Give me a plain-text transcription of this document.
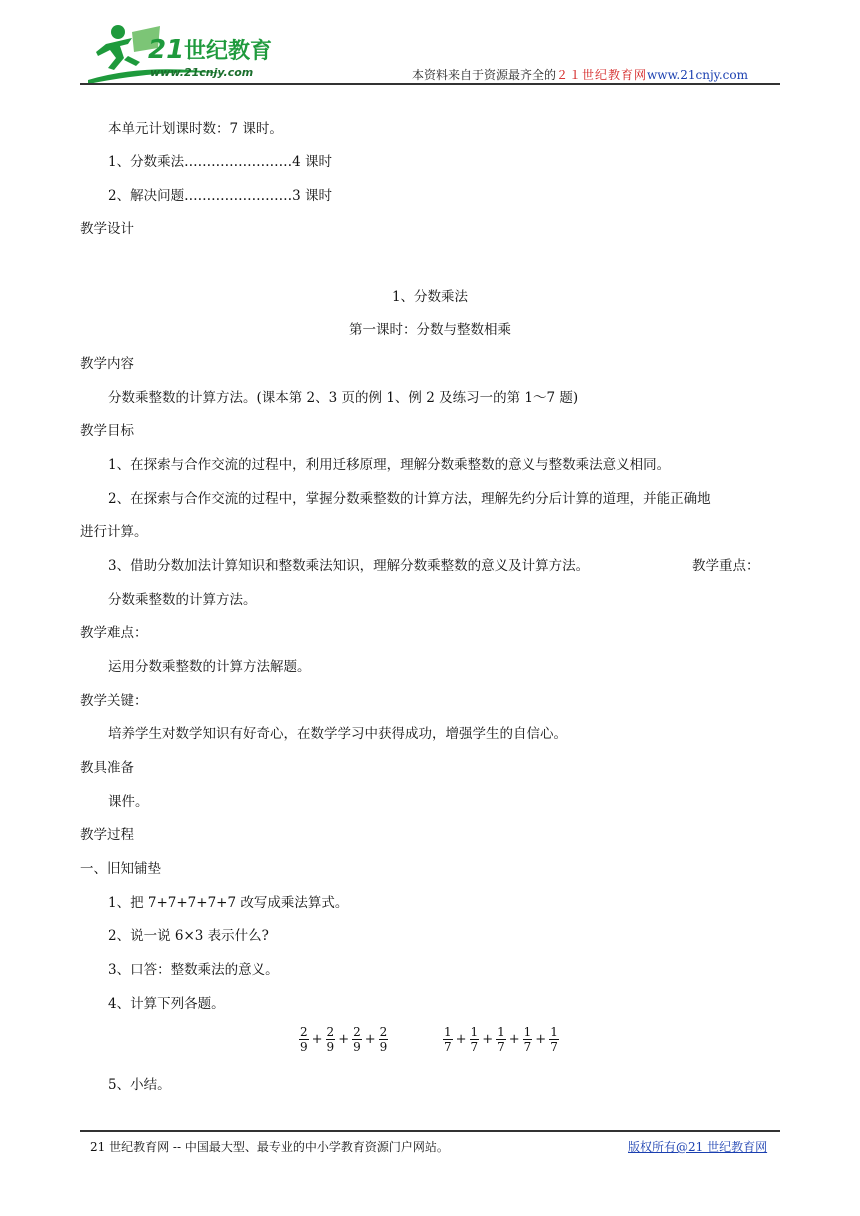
21 世纪教育
www.21cnjy.com	本资料来自于资源最齐全的２１世纪教育网www.21cnjy.com
本单元计划课时数：7 课时。
1、分数乘法……………………4 课时
2、解决问题……………………3 课时
教学设计
1、分数乘法
第一课时：分数与整数相乘
教学内容
分数乘整数的计算方法。(课本第 2、3 页的例 1、例 2 及练习一的第 1～7 题)
教学目标
1、在探索与合作交流的过程中，利用迁移原理，理解分数乘整数的意义与整数乘法意义相同。
2、在探索与合作交流的过程中，掌握分数乘整数的计算方法，理解先约分后计算的道理，并能正确地
进行计算。
3、借助分数加法计算知识和整数乘法知识，理解分数乘整数的意义及计算方法。	教学重点：
分数乘整数的计算方法。
教学难点：
运用分数乘整数的计算方法解题。
教学关键：
培养学生对数学知识有好奇心，在数学学习中获得成功，增强学生的自信心。
教具准备
课件。
教学过程
一、旧知铺垫
1、把 7+7+7+7+7 改写成乘法算式。
2、说一说 6×3 表示什么?
3、口答：整数乘法的意义。
4、计算下列各题。
$\frac{2}{9} + \frac{2}{9} + \frac{2}{9} + \frac{2}{9}$	$\frac{1}{7} + \frac{1}{7} + \frac{1}{7} + \frac{1}{7} + \frac{1}{7}$
5、小结。
21 世纪教育网 -- 中国最大型、最专业的中小学教育资源门户网站。	版权所有@21 世纪教育网
